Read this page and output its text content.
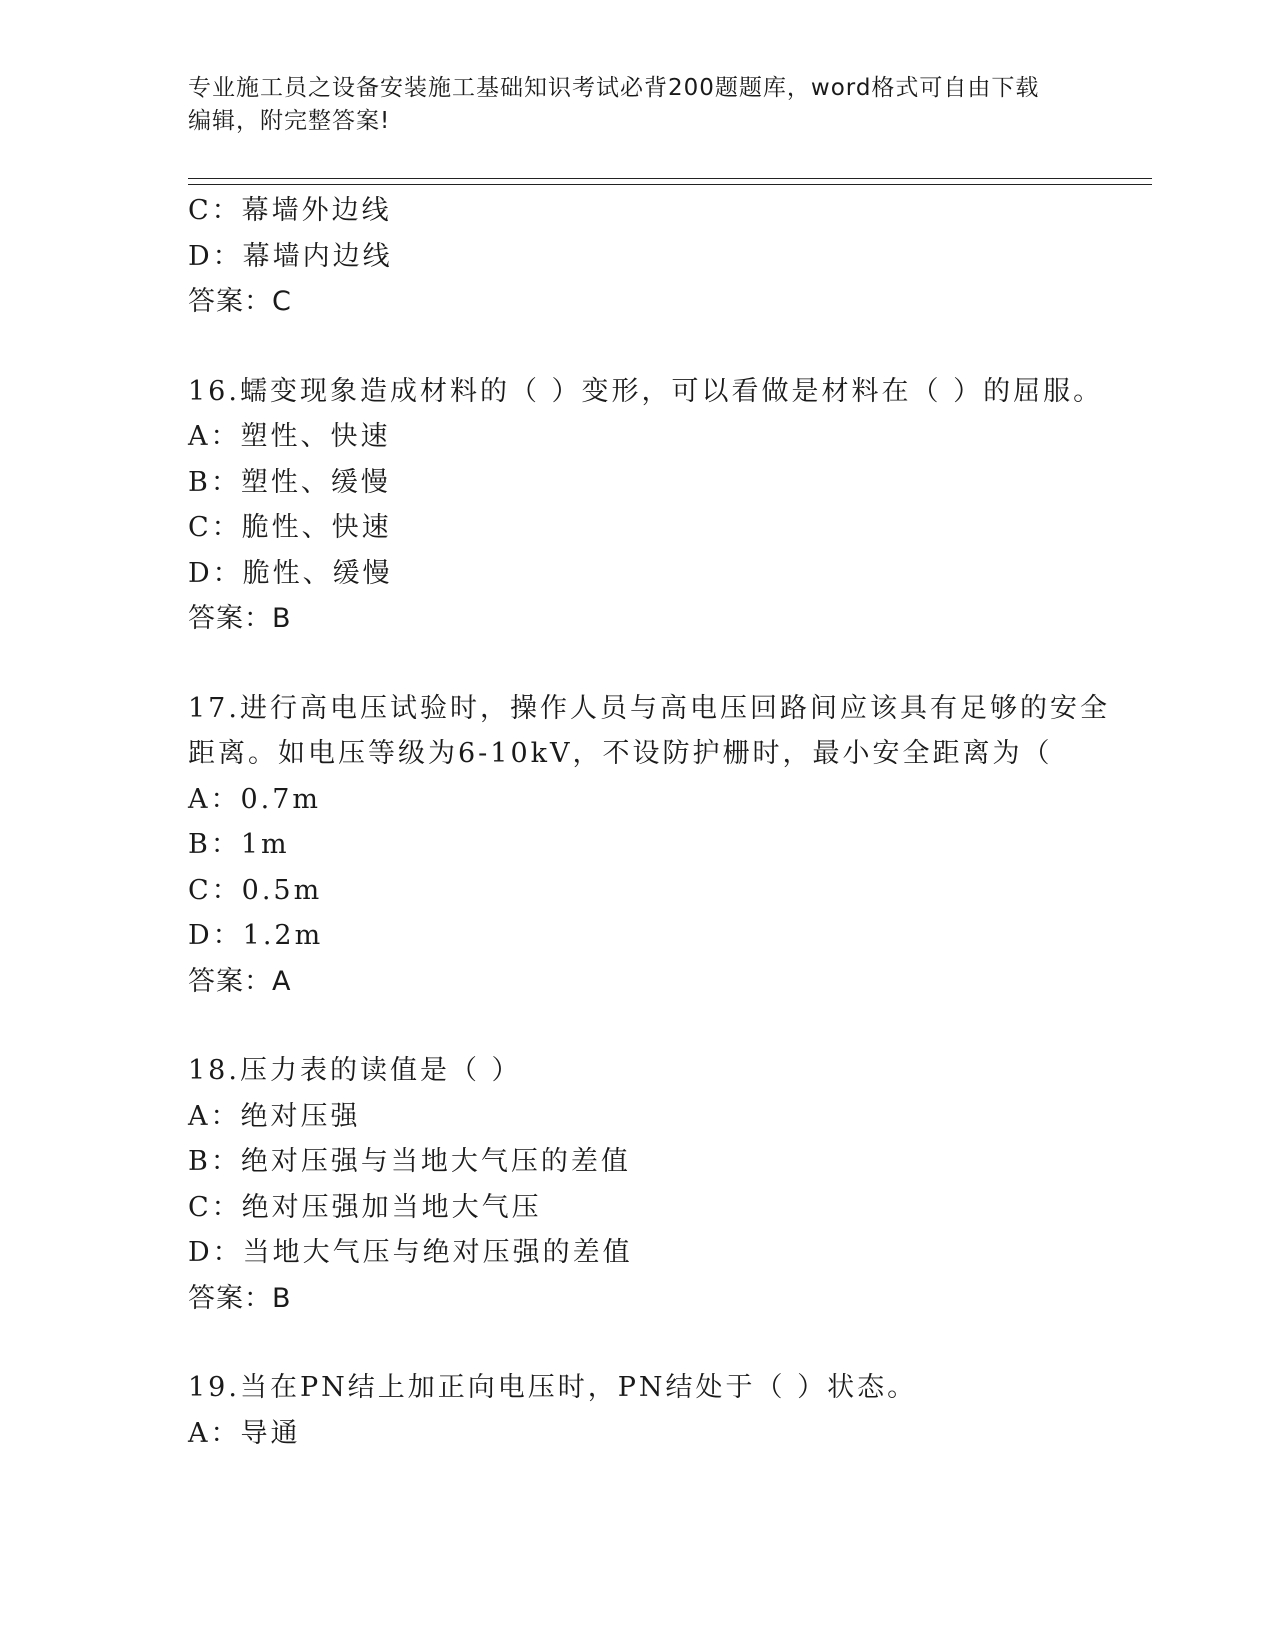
专业施工员之设备安装施工基础知识考试必背200题题库，word格式可自由下载
编辑，附完整答案!
C：幕墙外边线
D：幕墙内边线
答案：C
16.蠕变现象造成材料的（ ）变形，可以看做是材料在（ ）的屈服。
A：塑性、快速
B：塑性、缓慢
C：脆性、快速
D：脆性、缓慢
答案：B
17.进行高电压试验时，操作人员与高电压回路间应该具有足够的安全
距离。如电压等级为6-10kV，不设防护栅时，最小安全距离为（
A：0.7m
B：1m
C：0.5m
D：1.2m
答案：A
18.压力表的读值是（ ）
A：绝对压强
B：绝对压强与当地大气压的差值
C：绝对压强加当地大气压
D：当地大气压与绝对压强的差值
答案：B
19.当在PN结上加正向电压时，PN结处于（ ）状态。
A：导通
